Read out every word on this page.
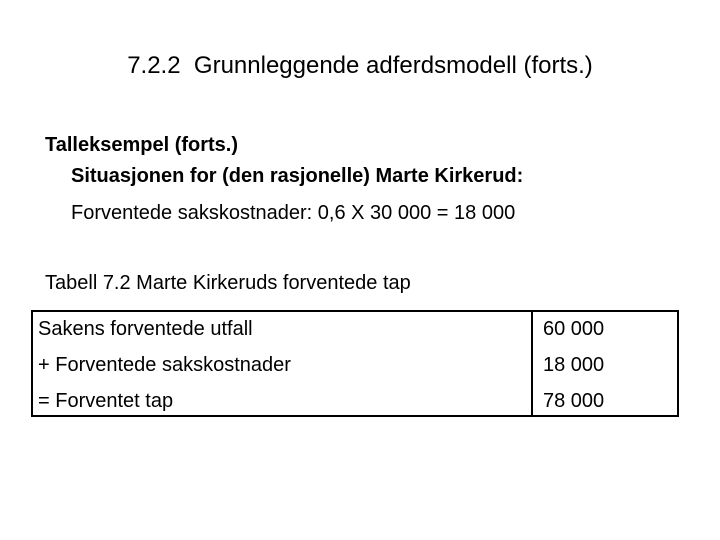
7.2.2  Grunnleggende adferdsmodell (forts.)
Talleksempel (forts.)
Situasjonen for (den rasjonelle) Marte Kirkerud:
Forventede sakskostnader: 0,6 X 30 000 = 18 000
Tabell 7.2 Marte Kirkeruds forventede tap
Sakens forventede utfall	60 000
+ Forventede sakskostnader	18 000
= Forventet tap	78 000
